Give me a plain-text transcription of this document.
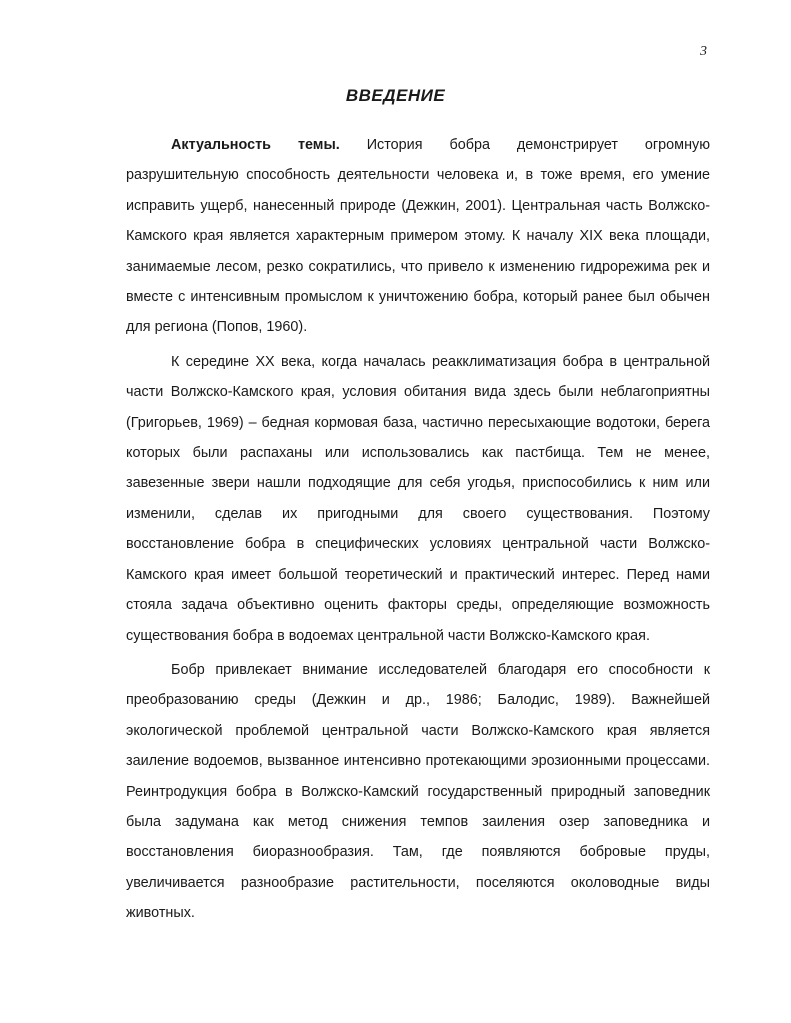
3
ВВЕДЕНИЕ

Актуальность темы. История бобра демонстрирует огромную разрушительную способность деятельности человека и, в тоже время, его умение исправить ущерб, нанесенный природе (Дежкин, 2001). Центральная часть Волжско-Камского края является характерным примером этому. К началу XIX века площади, занимаемые лесом, резко сократились, что привело к изменению гидрорежима рек и вместе с интенсивным промыслом к уничтожению бобра, который ранее был обычен для региона (Попов, 1960).

К середине XX века, когда началась реакклиматизация бобра в центральной части Волжско-Камского края, условия обитания вида здесь были неблагоприятны (Григорьев, 1969) – бедная кормовая база, частично пересыхающие водотоки, берега которых были распаханы или использовались как пастбища. Тем не менее, завезенные звери нашли подходящие для себя угодья, приспособились к ним или изменили, сделав их пригодными для своего существования. Поэтому восстановление бобра в специфических условиях центральной части Волжско-Камского края имеет большой теоретический и практический интерес. Перед нами стояла задача объективно оценить факторы среды, определяющие возможность существования бобра в водоемах центральной части Волжско-Камского края.

Бобр привлекает внимание исследователей благодаря его способности к преобразованию среды (Дежкин и др., 1986; Балодис, 1989). Важнейшей экологической проблемой центральной части Волжско-Камского края является заиление водоемов, вызванное интенсивно протекающими эрозионными процессами. Реинтродукция бобра в Волжско-Камский государственный природный заповедник была задумана как метод снижения темпов заиления озер заповедника и восстановления биоразнообразия. Там, где появляются бобровые пруды, увеличивается разнообразие растительности, поселяются околоводные виды животных.
